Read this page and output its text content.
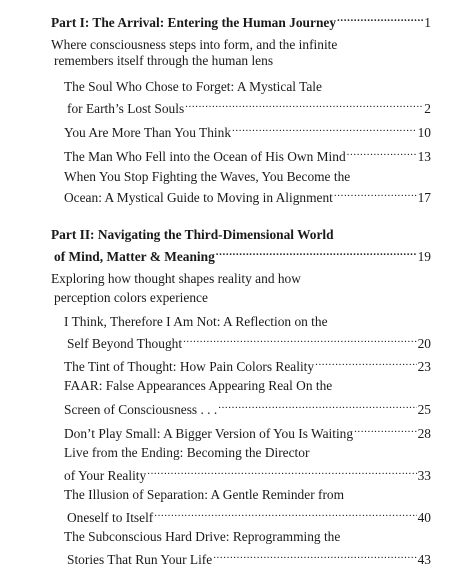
Part I: The Arrival: Entering the Human Journey .....	1
Where consciousness steps into form, and the infinite
remembers itself through the human lens
The Soul Who Chose to Forget: A Mystical Tale
for Earth’s Lost Souls .....	2
You Are More Than You Think .....	10
The Man Who Fell into the Ocean of His Own Mind .....	13
When You Stop Fighting the Waves, You Become the
Ocean: A Mystical Guide to Moving in Alignment .....	17
Part II: Navigating the Third-Dimensional World
of Mind, Matter & Meaning .....	19
Exploring how thought shapes reality and how
perception colors experience
I Think, Therefore I Am Not: A Reflection on the
Self Beyond Thought .....	20
The Tint of Thought: How Pain Colors Reality .....	23
FAAR: False Appearances Appearing Real On the
Screen of Consciousness . . . .....	25
Don’t Play Small: A Bigger Version of You Is Waiting .....	28
Live from the Ending: Becoming the Director
of Your Reality .....	33
The Illusion of Separation: A Gentle Reminder from
Oneself to Itself .....	40
The Subconscious Hard Drive: Reprogramming the
Stories That Run Your Life .....	43
